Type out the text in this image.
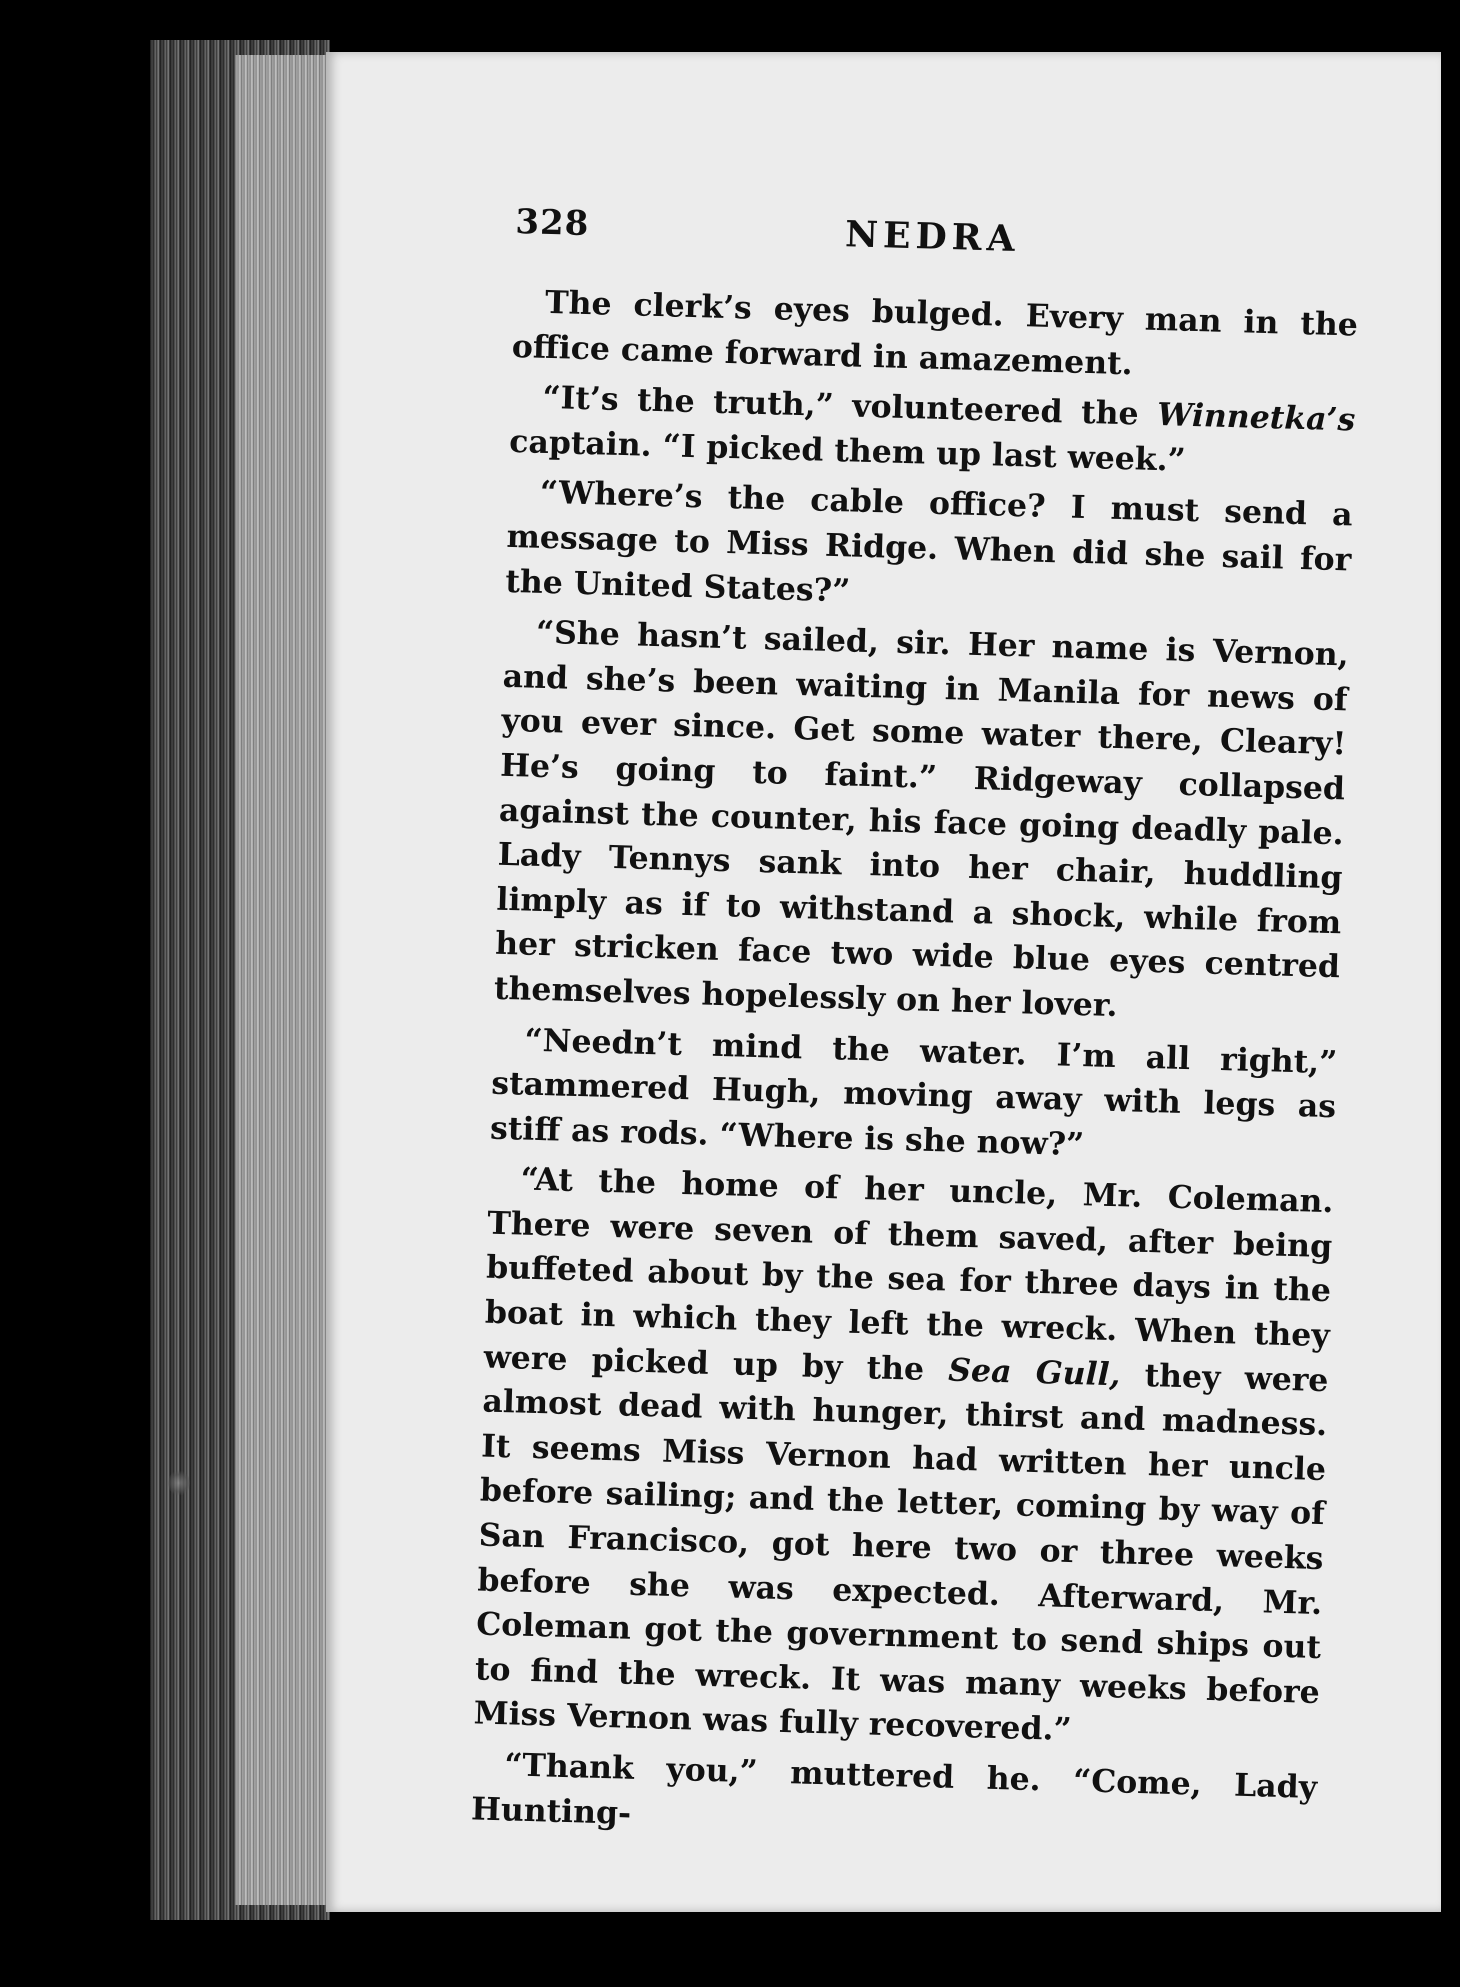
328	NEDRA

The clerk’s eyes bulged. Every man in the office came forward in amazement.

“It’s the truth,” volunteered the Winnetka’s captain. “I picked them up last week.”

“Where’s the cable office? I must send a message to Miss Ridge. When did she sail for the United States?”

“She hasn’t sailed, sir. Her name is Vernon, and she’s been waiting in Manila for news of you ever since. Get some water there, Cleary! He’s going to faint.” Ridgeway collapsed against the counter, his face going deadly pale. Lady Tennys sank into her chair, huddling limply as if to withstand a shock, while from her stricken face two wide blue eyes centred themselves hopelessly on her lover.

“Needn’t mind the water. I’m all right,” stammered Hugh, moving away with legs as stiff as rods. “Where is she now?”

“At the home of her uncle, Mr. Coleman. There were seven of them saved, after being buffeted about by the sea for three days in the boat in which they left the wreck. When they were picked up by the Sea Gull, they were almost dead with hunger, thirst and madness. It seems Miss Vernon had written her uncle before sailing; and the letter, coming by way of San Francisco, got here two or three weeks before she was expected. Afterward, Mr. Coleman got the government to send ships out to find the wreck. It was many weeks before Miss Vernon was fully recovered.”

“Thank you,” muttered he. “Come, Lady Hunting-
